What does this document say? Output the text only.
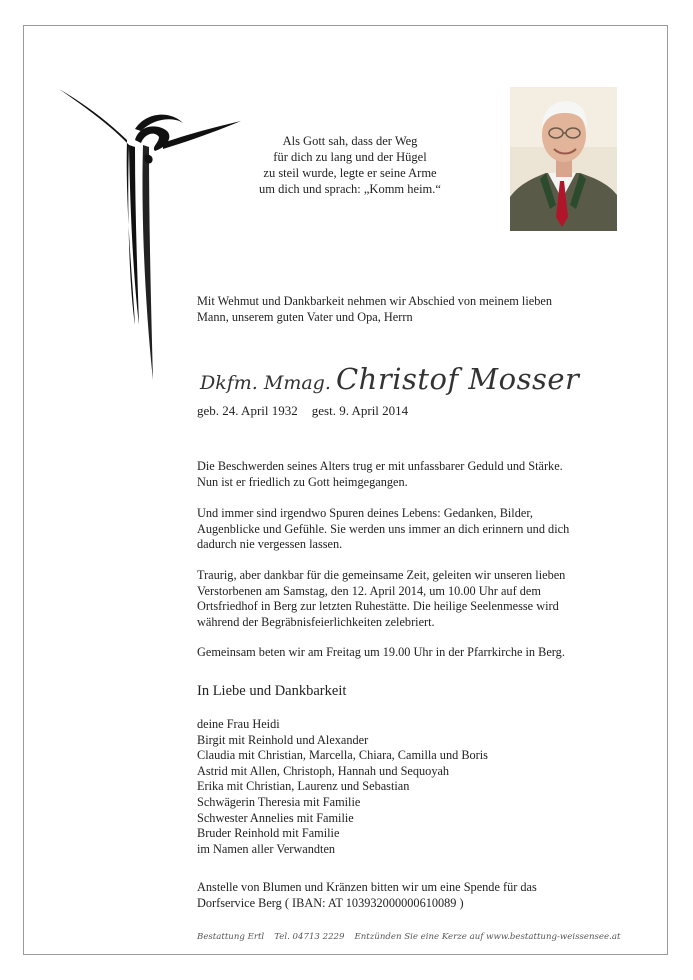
Als Gott sah, dass der Weg
für dich zu lang und der Hügel
zu steil wurde, legte er seine Arme
um dich und sprach: „Komm heim.“
Mit Wehmut und Dankbarkeit nehmen wir Abschied von meinem lieben
Mann, unserem guten Vater und Opa, Herrn
Dkfm. Mmag. Christof Mosser
geb. 24. April 1932 gest. 9. April 2014
Die Beschwerden seines Alters trug er mit unfassbarer Geduld und Stärke.
Nun ist er friedlich zu Gott heimgegangen.
Und immer sind irgendwo Spuren deines Lebens: Gedanken, Bilder,
Augenblicke und Gefühle. Sie werden uns immer an dich erinnern und dich
dadurch nie vergessen lassen.
Traurig, aber dankbar für die gemeinsame Zeit, geleiten wir unseren lieben
Verstorbenen am Samstag, den 12. April 2014, um 10.00 Uhr auf dem
Ortsfriedhof in Berg zur letzten Ruhestätte. Die heilige Seelenmesse wird
während der Begräbnisfeierlichkeiten zelebriert.
Gemeinsam beten wir am Freitag um 19.00 Uhr in der Pfarrkirche in Berg.
In Liebe und Dankbarkeit
deine Frau Heidi
Birgit mit Reinhold und Alexander
Claudia mit Christian, Marcella, Chiara, Camilla und Boris
Astrid mit Allen, Christoph, Hannah und Sequoyah
Erika mit Christian, Laurenz und Sebastian
Schwägerin Theresia mit Familie
Schwester Annelies mit Familie
Bruder Reinhold mit Familie
im Namen aller Verwandten
Anstelle von Blumen und Kränzen bitten wir um eine Spende für das
Dorfservice Berg ( IBAN: AT 103932000000610089 )
Bestattung Ertl Tel. 04713 2229 Entzünden Sie eine Kerze auf www.bestattung-weissensee.at
